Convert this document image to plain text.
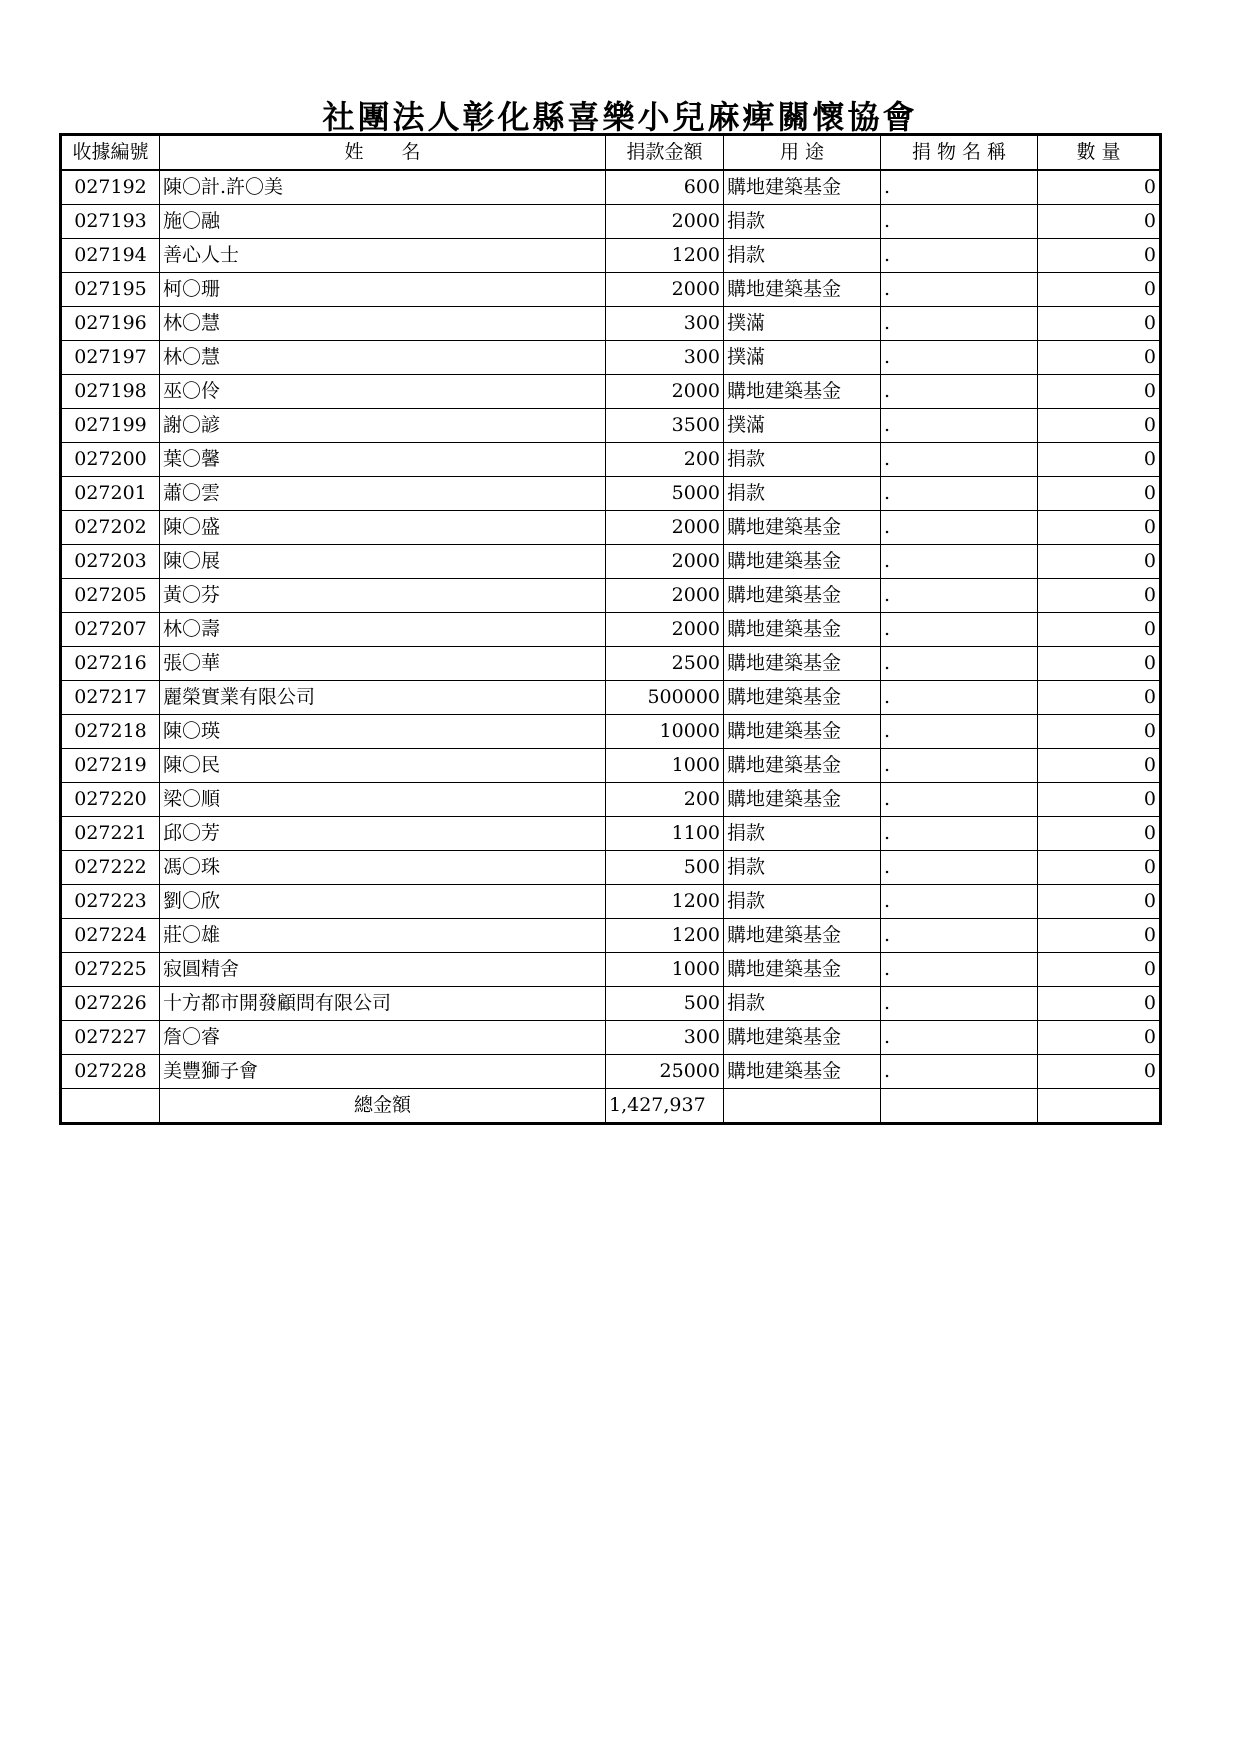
社團法人彰化縣喜樂小兒麻痺關懷協會
收據編號	姓　　名	捐款金額	用 途	捐 物 名 稱	數 量
027192	陳〇計.許〇美	600	購地建築基金	.	0
027193	施〇融	2000	捐款	.	0
027194	善心人士	1200	捐款	.	0
027195	柯〇珊	2000	購地建築基金	.	0
027196	林〇慧	300	撲滿	.	0
027197	林〇慧	300	撲滿	.	0
027198	巫〇伶	2000	購地建築基金	.	0
027199	謝〇諺	3500	撲滿	.	0
027200	葉〇馨	200	捐款	.	0
027201	蕭〇雲	5000	捐款	.	0
027202	陳〇盛	2000	購地建築基金	.	0
027203	陳〇展	2000	購地建築基金	.	0
027205	黃〇芬	2000	購地建築基金	.	0
027207	林〇壽	2000	購地建築基金	.	0
027216	張〇華	2500	購地建築基金	.	0
027217	麗榮實業有限公司	500000	購地建築基金	.	0
027218	陳〇瑛	10000	購地建築基金	.	0
027219	陳〇民	1000	購地建築基金	.	0
027220	梁〇順	200	購地建築基金	.	0
027221	邱〇芳	1100	捐款	.	0
027222	馮〇珠	500	捐款	.	0
027223	劉〇欣	1200	捐款	.	0
027224	莊〇雄	1200	購地建築基金	.	0
027225	寂圓精舍	1000	購地建築基金	.	0
027226	十方都市開發顧問有限公司	500	捐款	.	0
027227	詹〇睿	300	購地建築基金	.	0
027228	美豐獅子會	25000	購地建築基金	.	0
	總金額	1,427,937			
